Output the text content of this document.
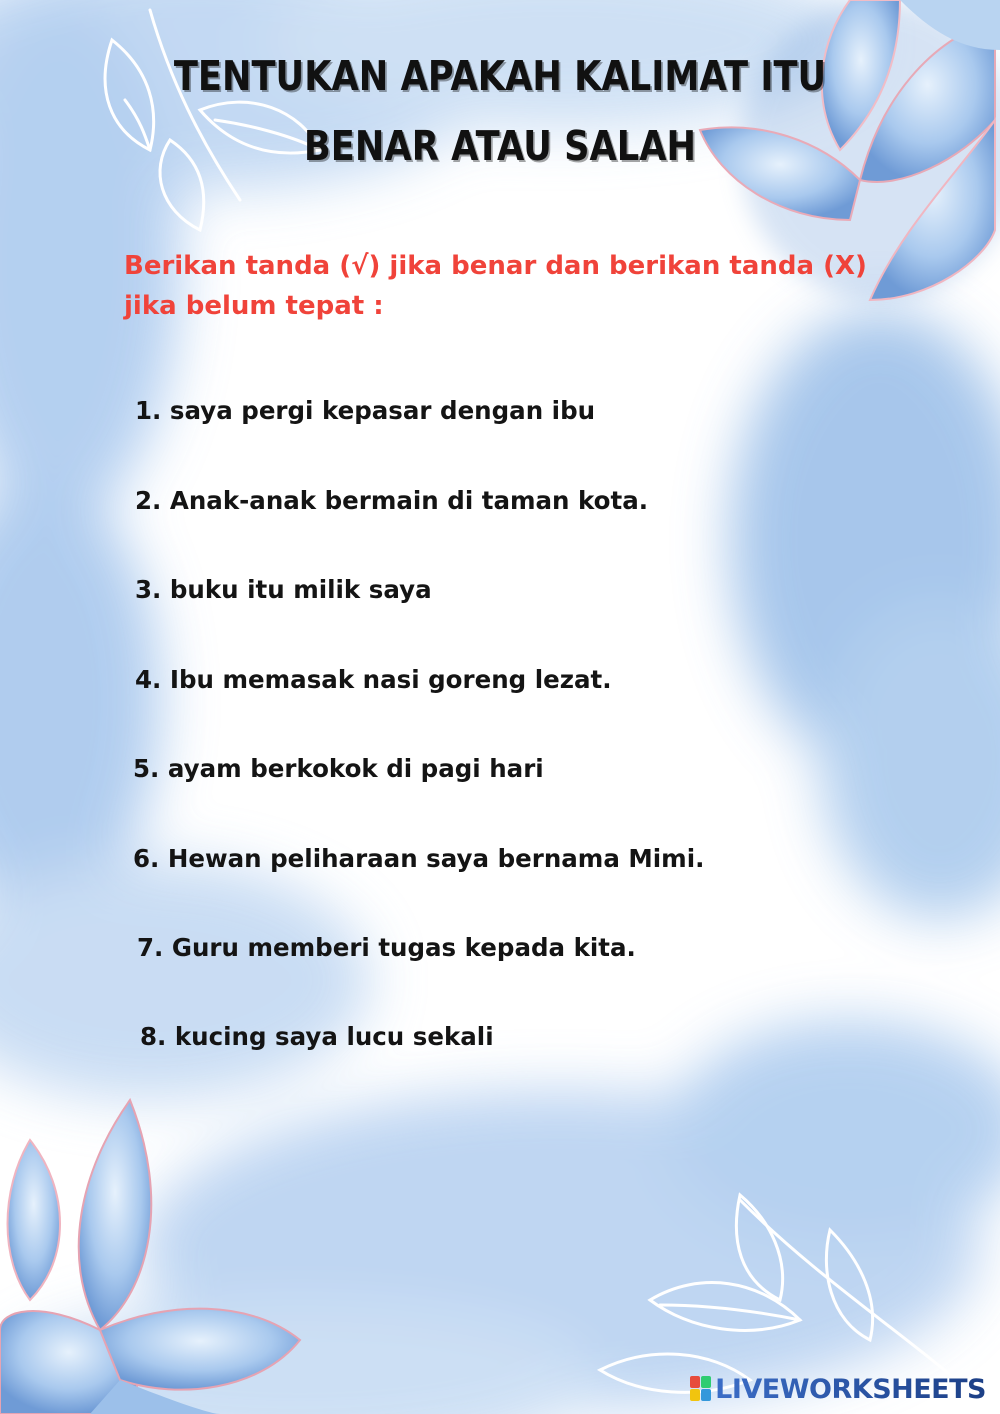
TENTUKAN APAKAH KALIMAT ITU
BENAR ATAU SALAH
Berikan tanda (√) jika benar dan berikan tanda (X) jika belum tepat :
1. saya pergi kepasar dengan ibu
2. Anak-anak bermain di taman kota.
3. buku itu milik saya
4. Ibu memasak nasi goreng lezat.
5. ayam berkokok di pagi hari
6. Hewan peliharaan saya bernama Mimi.
7. Guru memberi tugas kepada kita.
8. kucing saya lucu sekali
LIVEWORKSHEETS
